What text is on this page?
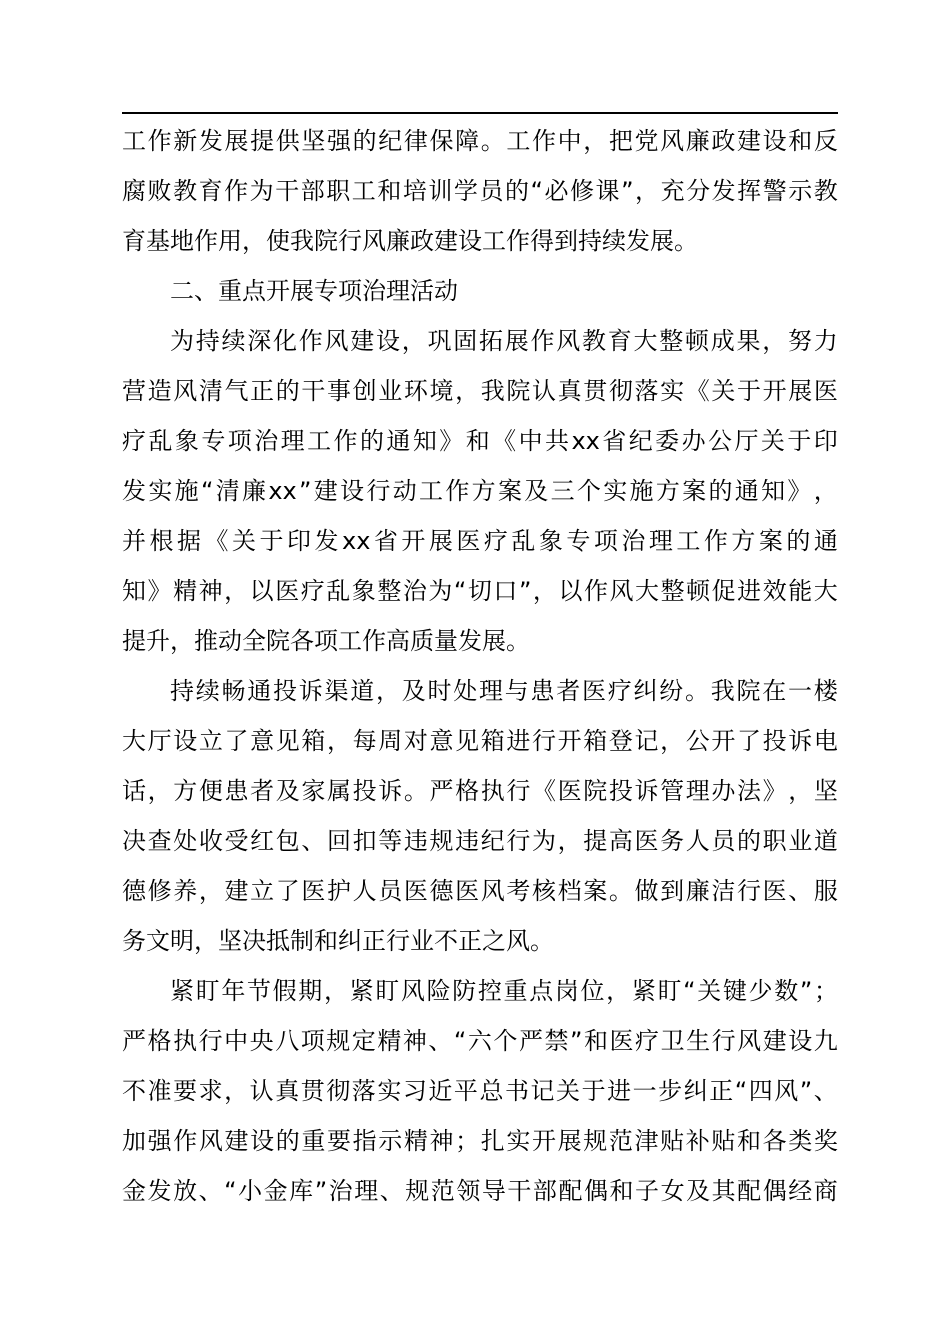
工 作 新 发 展 提 供 坚 强 的 纪 律 保 障 。 工 作 中 ， 把 党 风 廉 政 建 设 和 反
腐 败 教 育 作 为 干 部 职 工 和 培 训 学 员 的 “ 必 修 课 ” ， 充 分 发 挥 警 示 教
育基地作用，使我院行风廉政建设工作得到持续发展。
二、重点开展专项治理活动
为 持 续 深 化 作 风 建 设 ， 巩 固 拓 展 作 风 教 育 大 整 顿 成 果 ， 努 力
营 造 风 清 气 正 的 干 事 创 业 环 境 ， 我 院 认 真 贯 彻 落 实 《 关 于 开 展 医
疗 乱 象 专 项 治 理 工 作 的 通 知 》 和 《 中 共 xx 省 纪 委 办 公 厅 关 于 印
发 实 施 “ 清 廉 xx ” 建 设 行 动 工 作 方 案 及 三 个 实 施 方 案 的 通 知 》 ，
并 根 据 《 关 于 印 发 xx 省 开 展 医 疗 乱 象 专 项 治 理 工 作 方 案 的 通
知 》 精 神 ， 以 医 疗 乱 象 整 治 为 “ 切 口 ” ， 以 作 风 大 整 顿 促 进 效 能 大
提升，推动全院各项工作高质量发展。
持 续 畅 通 投 诉 渠 道 ， 及 时 处 理 与 患 者 医 疗 纠 纷 。 我 院 在 一 楼
大 厅 设 立 了 意 见 箱 ， 每 周 对 意 见 箱 进 行 开 箱 登 记 ， 公 开 了 投 诉 电
话 ， 方 便 患 者 及 家 属 投 诉 。 严 格 执 行 《 医 院 投 诉 管 理 办 法 》 ， 坚
决 查 处 收 受 红 包 、 回 扣 等 违 规 违 纪 行 为 ， 提 高 医 务 人 员 的 职 业 道
德 修 养 ， 建 立 了 医 护 人 员 医 德 医 风 考 核 档 案 。 做 到 廉 洁 行 医 、 服
务文明，坚决抵制和纠正行业不正之风。
紧 盯 年 节 假 期 ， 紧 盯 风 险 防 控 重 点 岗 位 ， 紧 盯 “ 关 键 少 数 ” ；
严 格 执 行 中 央 八 项 规 定 精 神 、 “ 六 个 严 禁 ” 和 医 疗 卫 生 行 风 建 设 九
不 准 要 求 ， 认 真 贯 彻 落 实 习 近 平 总 书 记 关 于 进 一 步 纠 正 “ 四 风 ” 、
加 强 作 风 建 设 的 重 要 指 示 精 神 ； 扎 实 开 展 规 范 津 贴 补 贴 和 各 类 奖
金 发 放 、 “ 小 金 库 ” 治 理 、 规 范 领 导 干 部 配 偶 和 子 女 及 其 配 偶 经 商
